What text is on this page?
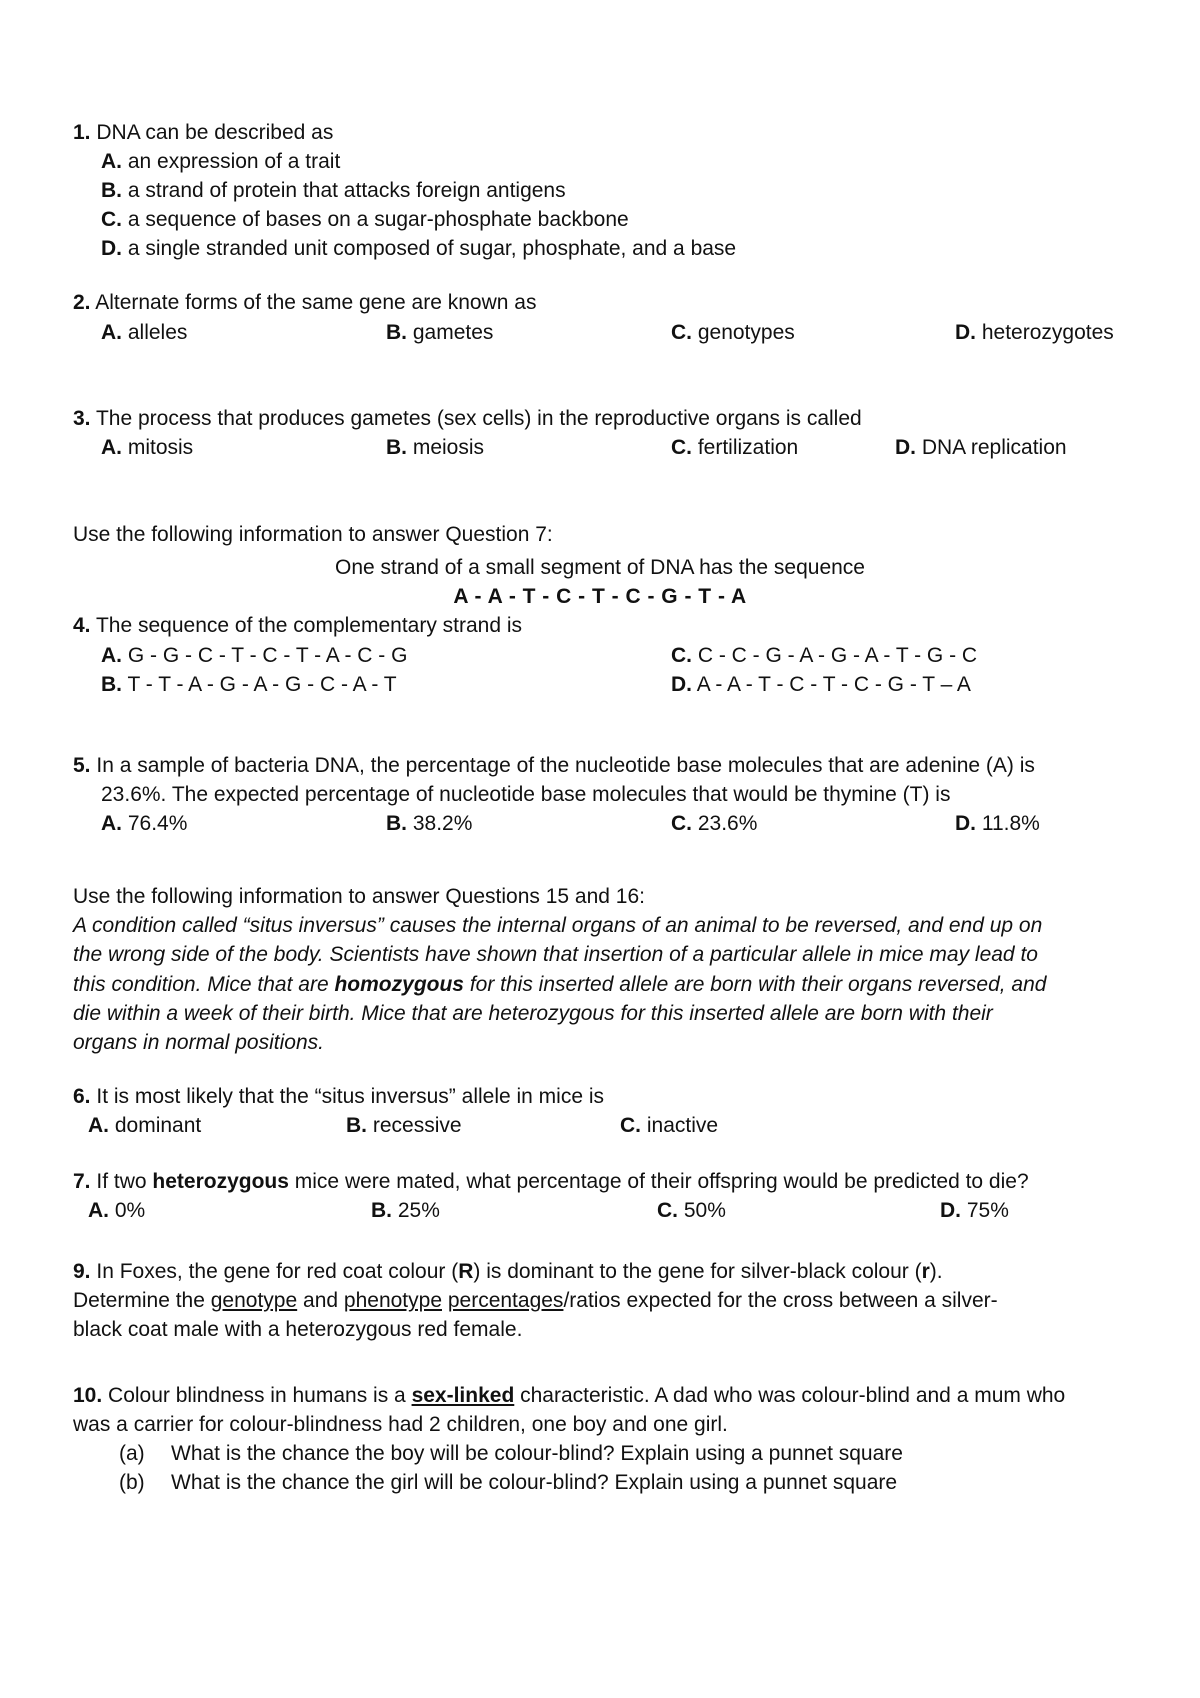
1. DNA can be described as
A. an expression of a trait
B. a strand of protein that attacks foreign antigens
C. a sequence of bases on a sugar-phosphate backbone
D. a single stranded unit composed of sugar, phosphate, and a base
2. Alternate forms of the same gene are known as
A. alleles	B. gametes	C. genotypes	D. heterozygotes
3. The process that produces gametes (sex cells) in the reproductive organs is called
A. mitosis	B. meiosis	C. fertilization	D. DNA replication
Use the following information to answer Question 7:
One strand of a small segment of DNA has the sequence
A - A - T - C - T - C - G - T - A
4. The sequence of the complementary strand is
A. G - G - C - T - C - T - A - C - G	C. C - C - G - A - G - A - T - G - C
B. T - T - A - G - A - G - C - A - T	D. A - A - T - C - T - C - G - T – A
5. In a sample of bacteria DNA, the percentage of the nucleotide base molecules that are adenine (A) is
23.6%. The expected percentage of nucleotide base molecules that would be thymine (T) is
A. 76.4%	B. 38.2%	C. 23.6%	D. 11.8%
Use the following information to answer Questions 15 and 16:
A condition called “situs inversus” causes the internal organs of an animal to be reversed, and end up on
the wrong side of the body. Scientists have shown that insertion of a particular allele in mice may lead to
this condition. Mice that are homozygous for this inserted allele are born with their organs reversed, and
die within a week of their birth. Mice that are heterozygous for this inserted allele are born with their
organs in normal positions.
6. It is most likely that the “situs inversus” allele in mice is
A. dominant	B. recessive	C. inactive
7. If two heterozygous mice were mated, what percentage of their offspring would be predicted to die?
A. 0%	B. 25%	C. 50%	D. 75%
9. In Foxes, the gene for red coat colour (R) is dominant to the gene for silver-black colour (r).
Determine the genotype and phenotype percentages/ratios expected for the cross between a silver-
black coat male with a heterozygous red female.
10. Colour blindness in humans is a sex-linked characteristic. A dad who was colour-blind and a mum who
was a carrier for colour-blindness had 2 children, one boy and one girl.
(a) What is the chance the boy will be colour-blind? Explain using a punnet square
(b) What is the chance the girl will be colour-blind? Explain using a punnet square
